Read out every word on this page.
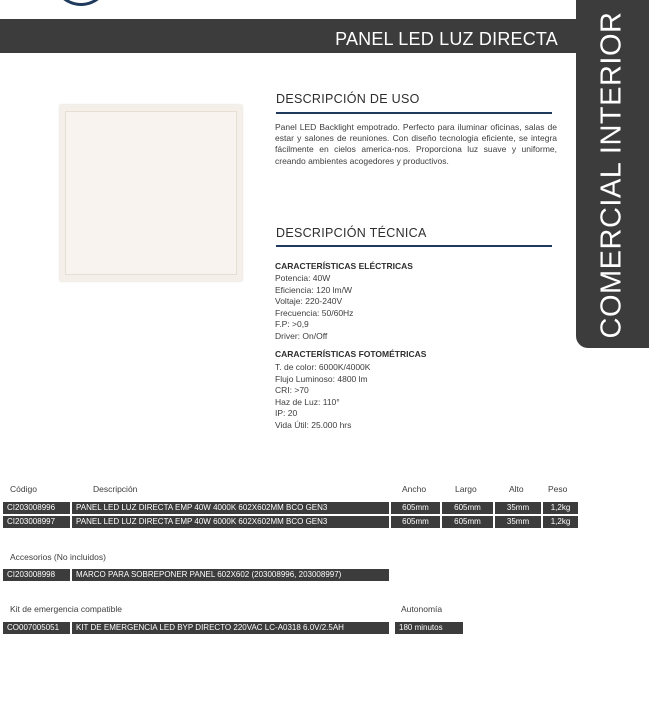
PANEL LED LUZ DIRECTA COMERCIAL INTERIOR
DESCRIPCIÓN DE USO
Panel LED Backlight empotrado. Perfecto para iluminar oficinas, salas de estar y salones de reuniones. Con diseño tecnologia eficiente, se integra fácilmente en cielos america-nos. Proporciona luz suave y uniforme, creando ambientes acogedores y productivos.
DESCRIPCIÓN TÉCNICA
CARACTERÍSTICAS ELÉCTRICAS
Potencia: 40W
Eficiencia: 120 lm/W
Voltaje: 220-240V
Frecuencia: 50/60Hz
F.P: >0,9
Driver: On/Off
CARACTERÍSTICAS FOTOMÉTRICAS
T. de color: 6000K/4000K
Flujo Luminoso: 4800 lm
CRI: >70
Haz de Luz: 110°
IP: 20
Vida Útil: 25.000 hrs
Código	Descripción	Ancho	Largo	Alto	Peso
CI203008996	PANEL LED LUZ DIRECTA EMP 40W 4000K 602X602MM BCO GEN3	605mm	605mm	35mm	1,2kg
CI203008997	PANEL LED LUZ DIRECTA EMP 40W 6000K 602X602MM BCO GEN3	605mm	605mm	35mm	1,2kg
Accesorios (No incluidos)
CI203008998	MARCO PARA SOBREPONER PANEL 602X602 (203008996, 203008997)
Kit de emergencia compatible	Autonomía
CO007005051	KIT DE EMERGENCIA LED BYP DIRECTO 220VAC LC-A0318 6.0V/2.5AH	180 minutos
